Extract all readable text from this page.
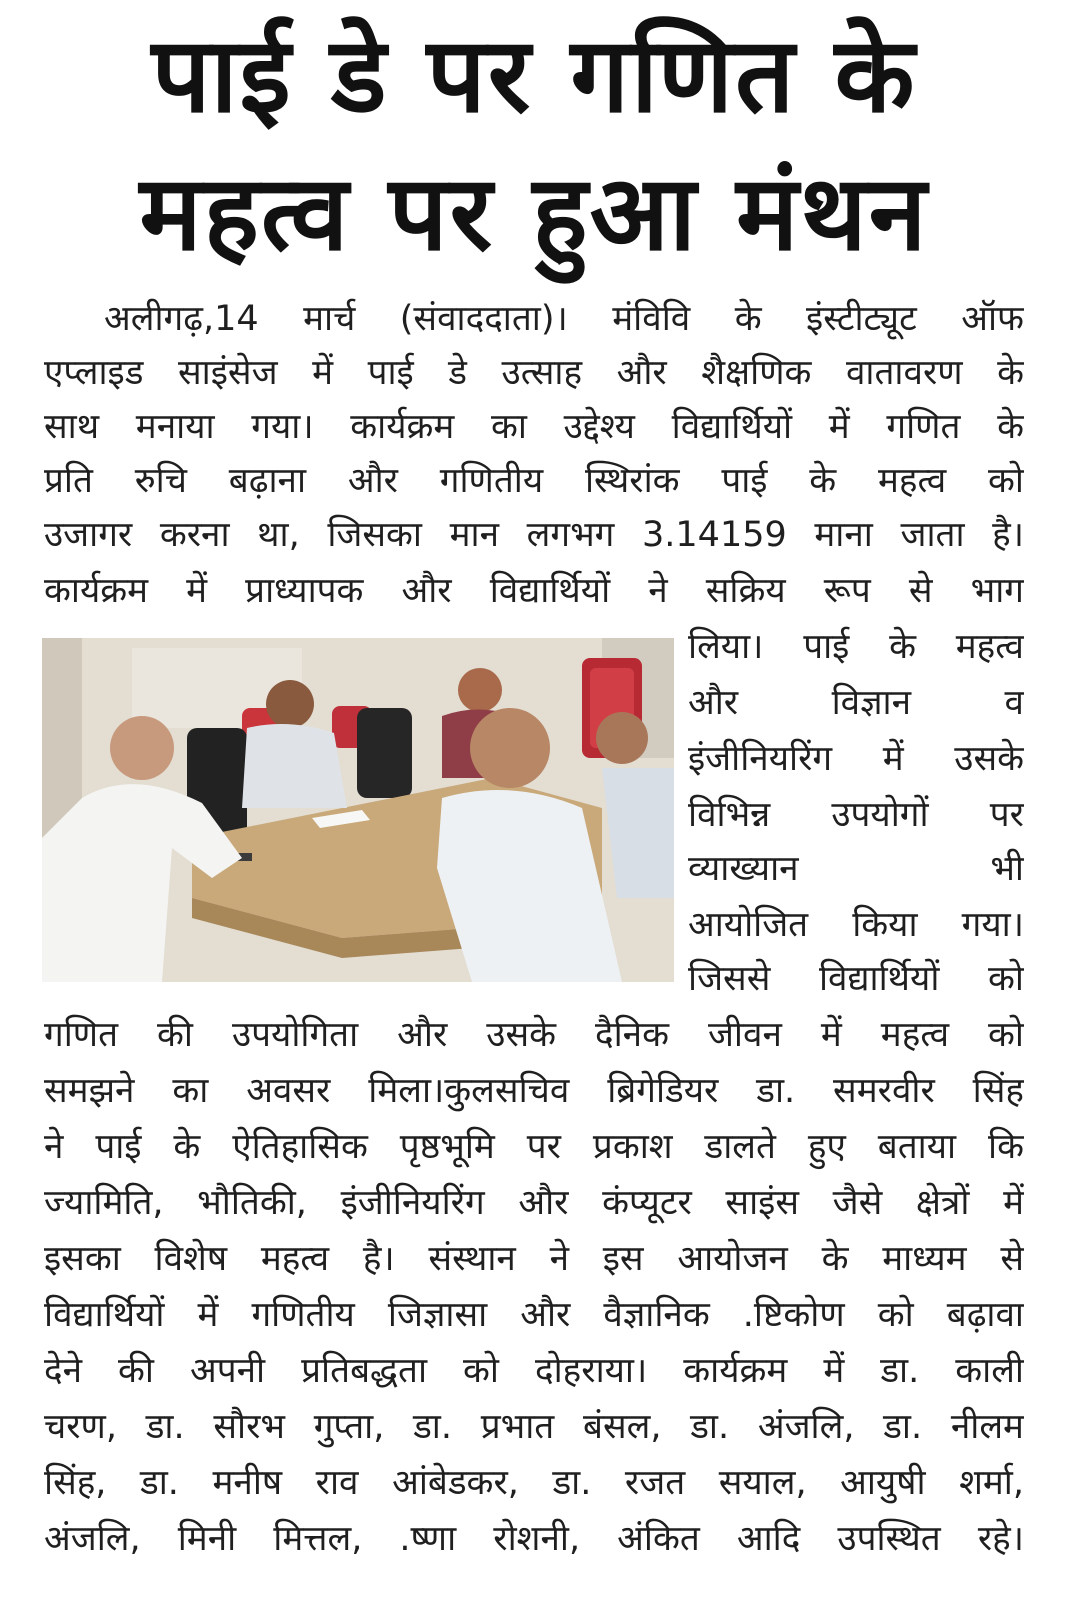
पाई डे पर गणित के
महत्व पर हुआ मंथन
अलीगढ़,14 मार्च (संवाददाता)। मंविवि के इंस्टीट्यूट ऑफ
एप्लाइड साइंसेज में पाई डे उत्साह और शैक्षणिक वातावरण के
साथ मनाया गया। कार्यक्रम का उद्देश्य विद्यार्थियों में गणित के
प्रति रुचि बढ़ाना और गणितीय स्थिरांक पाई के महत्व को
उजागर करना था, जिसका मान लगभग 3.14159 माना जाता है।
कार्यक्रम में प्राध्यापक और विद्यार्थियों ने सक्रिय रूप से भाग
लिया। पाई के महत्व
और विज्ञान व
इंजीनियरिंग में उसके
विभिन्न उपयोगों पर
व्याख्यान भी
आयोजित किया गया।
जिससे विद्यार्थियों को
गणित की उपयोगिता और उसके दैनिक जीवन में महत्व को
समझने का अवसर मिला।कुलसचिव ब्रिगेडियर डा. समरवीर सिंह
ने पाई के ऐतिहासिक पृष्ठभूमि पर प्रकाश डालते हुए बताया कि
ज्यामिति, भौतिकी, इंजीनियरिंग और कंप्यूटर साइंस जैसे क्षेत्रों में
इसका विशेष महत्व है। संस्थान ने इस आयोजन के माध्यम से
विद्यार्थियों में गणितीय जिज्ञासा और वैज्ञानिक .ष्टिकोण को बढ़ावा
देने की अपनी प्रतिबद्धता को दोहराया। कार्यक्रम में डा. काली
चरण, डा. सौरभ गुप्ता, डा. प्रभात बंसल, डा. अंजलि, डा. नीलम
सिंह, डा. मनीष राव आंबेडकर, डा. रजत सयाल, आयुषी शर्मा,
अंजलि, मिनी मित्तल, .ष्णा रोशनी, अंकित आदि उपस्थित रहे।
